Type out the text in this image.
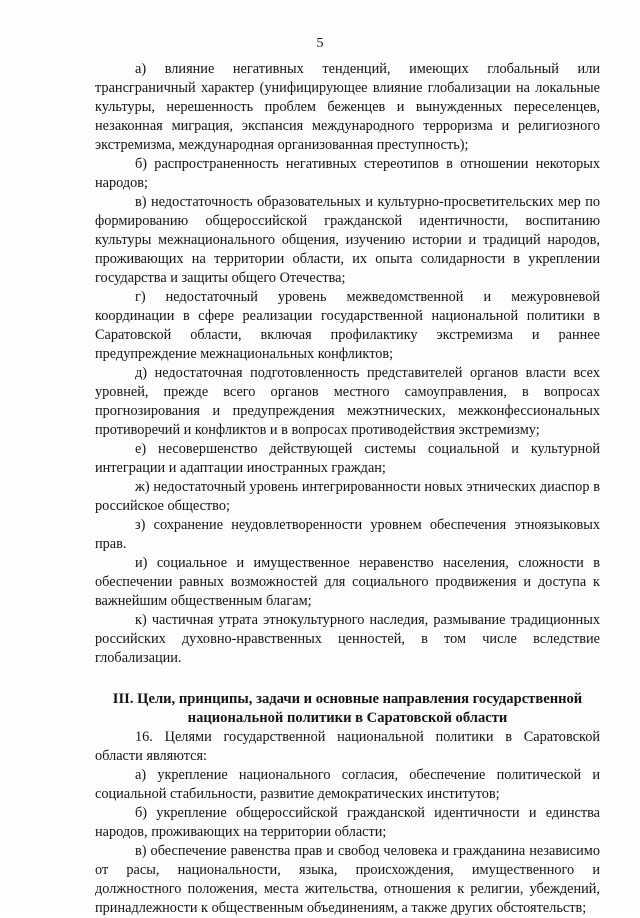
5

а) влияние негативных тенденций, имеющих глобальный или трансграничный характер (унифицирующее влияние глобализации на локальные культуры, нерешенность проблем беженцев и вынужденных переселенцев, незаконная миграция, экспансия международного терроризма и религиозного экстремизма, международная организованная преступность);

б) распространенность негативных стереотипов в отношении некоторых народов;

в) недостаточность образовательных и культурно-просветительских мер по формированию общероссийской гражданской идентичности, воспитанию культуры межнационального общения, изучению истории и традиций народов, проживающих на территории области, их опыта солидарности в укреплении государства и защиты общего Отечества;

г) недостаточный уровень межведомственной и межуровневой координации в сфере реализации государственной национальной политики в Саратовской области, включая профилактику экстремизма и раннее предупреждение межнациональных конфликтов;

д) недостаточная подготовленность представителей органов власти всех уровней, прежде всего органов местного самоуправления, в вопросах прогнозирования и предупреждения межэтнических, межконфессиональных противоречий и конфликтов и в вопросах противодействия экстремизму;

е) несовершенство действующей системы социальной и культурной интеграции и адаптации иностранных граждан;

ж) недостаточный уровень интегрированности новых этнических диаспор в российское общество;

з) сохранение неудовлетворенности уровнем обеспечения этноязыковых прав.

и) социальное и имущественное неравенство населения, сложности в обеспечении равных возможностей для социального продвижения и доступа к важнейшим общественным благам;

к) частичная утрата этнокультурного наследия, размывание традиционных российских духовно-нравственных ценностей, в том числе вследствие глобализации.

III. Цели, принципы, задачи и основные направления государственной национальной политики в Саратовской области

16. Целями государственной национальной политики в Саратовской области являются:

а) укрепление национального согласия, обеспечение политической и социальной стабильности, развитие демократических институтов;

б) укрепление общероссийской гражданской идентичности и единства народов, проживающих на территории области;

в) обеспечение равенства прав и свобод человека и гражданина независимо от расы, национальности, языка, происхождения, имущественного и должностного положения, места жительства, отношения к религии, убеждений, принадлежности к общественным объединениям, а также других обстоятельств;
